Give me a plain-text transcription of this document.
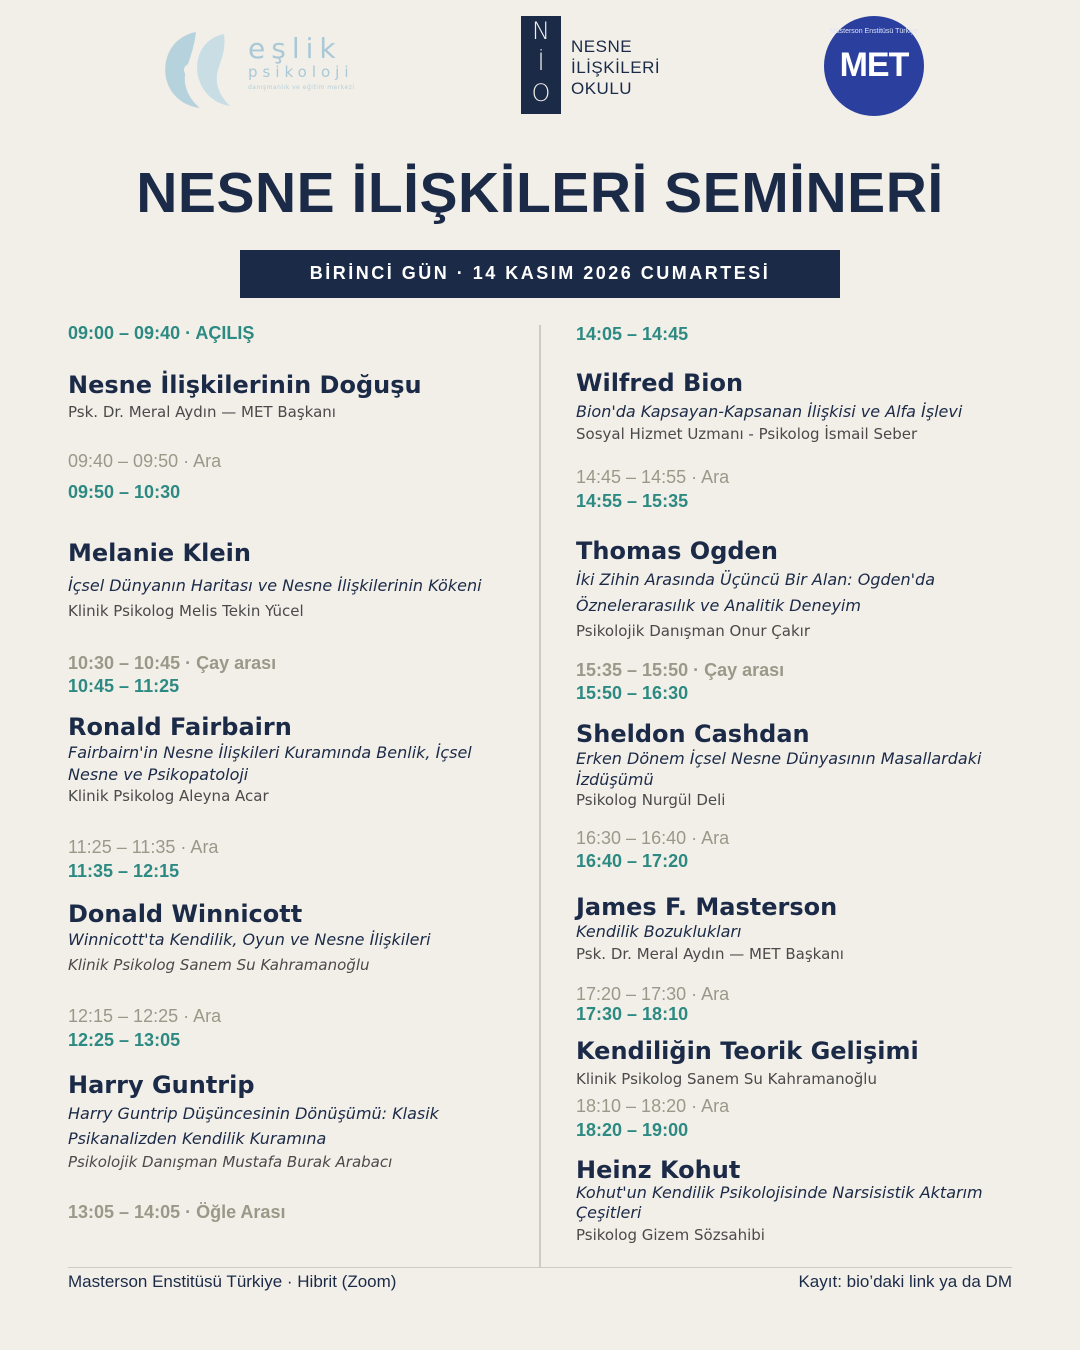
eşlik
psikoloji
danışmanlık ve eğitim merkezi
N
İ
O
NESNE
İLİŞKİLERİ
OKULU
Masterson Enstitüsü Türkiye
MET
NESNE İLİŞKİLERİ SEMİNERİ
BİRİNCİ GÜN · 14 KASIM 2026 CUMARTESİ
09:00 – 09:40 · AÇILIŞ
Nesne İlişkilerinin Doğuşu
Psk. Dr. Meral Aydın — MET Başkanı
09:40 – 09:50 · Ara
09:50 – 10:30
Melanie Klein
İçsel Dünyanın Haritası ve Nesne İlişkilerinin Kökeni
Klinik Psikolog Melis Tekin Yücel
10:30 – 10:45 · Çay arası
10:45 – 11:25
Ronald Fairbairn
Fairbairn'in Nesne İlişkileri Kuramında Benlik, İçsel Nesne ve Psikopatoloji
Klinik Psikolog Aleyna Acar
11:25 – 11:35 · Ara
11:35 – 12:15
Donald Winnicott
Winnicott'ta Kendilik, Oyun ve Nesne İlişkileri
Klinik Psikolog Sanem Su Kahramanoğlu
12:15 – 12:25 · Ara
12:25 – 13:05
Harry Guntrip
Harry Guntrip Düşüncesinin Dönüşümü: Klasik Psikanalizden Kendilik Kuramına
Psikolojik Danışman Mustafa Burak Arabacı
13:05 – 14:05 · Öğle Arası
14:05 – 14:45
Wilfred Bion
Bion'da Kapsayan-Kapsanan İlişkisi ve Alfa İşlevi
Sosyal Hizmet Uzmanı - Psikolog İsmail Seber
14:45 – 14:55 · Ara
14:55 – 15:35
Thomas Ogden
İki Zihin Arasında Üçüncü Bir Alan: Ogden'da Öznelerarasılık ve Analitik Deneyim
Psikolojik Danışman Onur Çakır
15:35 – 15:50 · Çay arası
15:50 – 16:30
Sheldon Cashdan
Erken Dönem İçsel Nesne Dünyasının Masallardaki İzdüşümü
Psikolog Nurgül Deli
16:30 – 16:40 · Ara
16:40 – 17:20
James F. Masterson
Kendilik Bozuklukları
Psk. Dr. Meral Aydın — MET Başkanı
17:20 – 17:30 · Ara
17:30 – 18:10
Kendiliğin Teorik Gelişimi
Klinik Psikolog Sanem Su Kahramanoğlu
18:10 – 18:20 · Ara
18:20 – 19:00
Heinz Kohut
Kohut'un Kendilik Psikolojisinde Narsisistik Aktarım Çeşitleri
Psikolog Gizem Sözsahibi
Masterson Enstitüsü Türkiye · Hibrit (Zoom)	Kayıt: bio’daki link ya da DM
